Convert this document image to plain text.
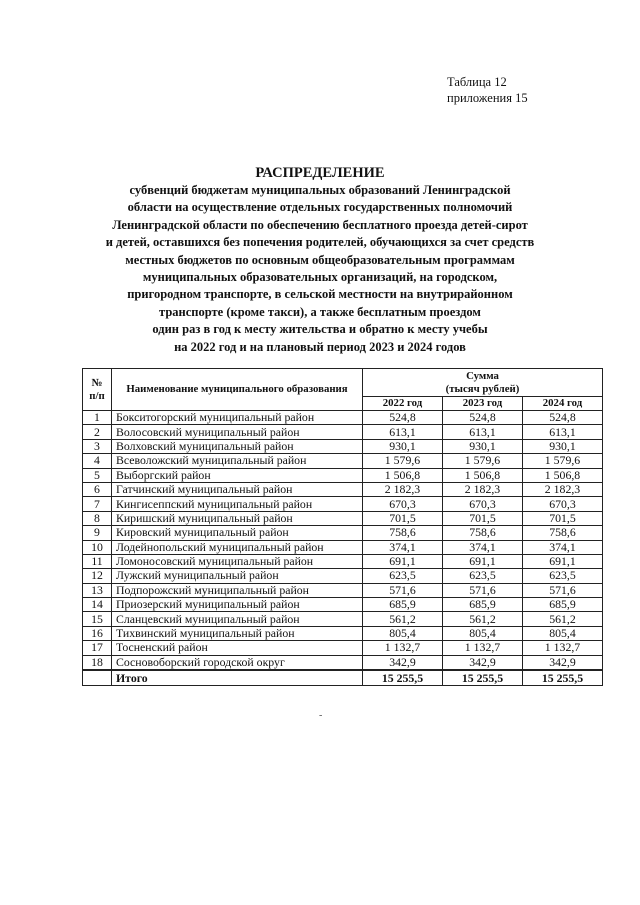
Таблица 12
приложения 15
РАСПРЕДЕЛЕНИЕ
субвенций бюджетам муниципальных образований Ленинградской
области на осуществление отдельных государственных полномочий
Ленинградской области по обеспечению бесплатного проезда детей-сирот
и детей, оставшихся без попечения родителей, обучающихся за счет средств
местных бюджетов по основным общеобразовательным программам
муниципальных образовательных организаций, на городском,
пригородном транспорте, в сельской местности на внутрирайонном
транспорте (кроме такси), а также бесплатным проездом
один раз в год к месту жительства и обратно к месту учебы
на 2022 год и на плановый период 2023 и 2024 годов
№ п/п	Наименование муниципального образования	Сумма
(тысяч рублей)		

		2022 год	2023 год	2024 год
1	Бокситогорский муниципальный район	524,8	524,8	524,8
2	Волосовский муниципальный район	613,1	613,1	613,1
3	Волховский муниципальный район	930,1	930,1	930,1
4	Всеволожский муниципальный район	1 579,6	1 579,6	1 579,6
5	Выборгский район	1 506,8	1 506,8	1 506,8
6	Гатчинский муниципальный район	2 182,3	2 182,3	2 182,3
7	Кингисеппский муниципальный район	670,3	670,3	670,3
8	Киришский муниципальный район	701,5	701,5	701,5
9	Кировский муниципальный район	758,6	758,6	758,6
10	Лодейнопольский муниципальный район	374,1	374,1	374,1
11	Ломоносовский муниципальный район	691,1	691,1	691,1
12	Лужский муниципальный район	623,5	623,5	623,5
13	Подпорожский муниципальный район	571,6	571,6	571,6
14	Приозерский муниципальный район	685,9	685,9	685,9
15	Сланцевский муниципальный район	561,2	561,2	561,2
16	Тихвинский муниципальный район	805,4	805,4	805,4
17	Тосненский район	1 132,7	1 132,7	1 132,7
18	Сосновоборский городской округ	342,9	342,9	342,9
	Итого	15 255,5	15 255,5	15 255,5
-
